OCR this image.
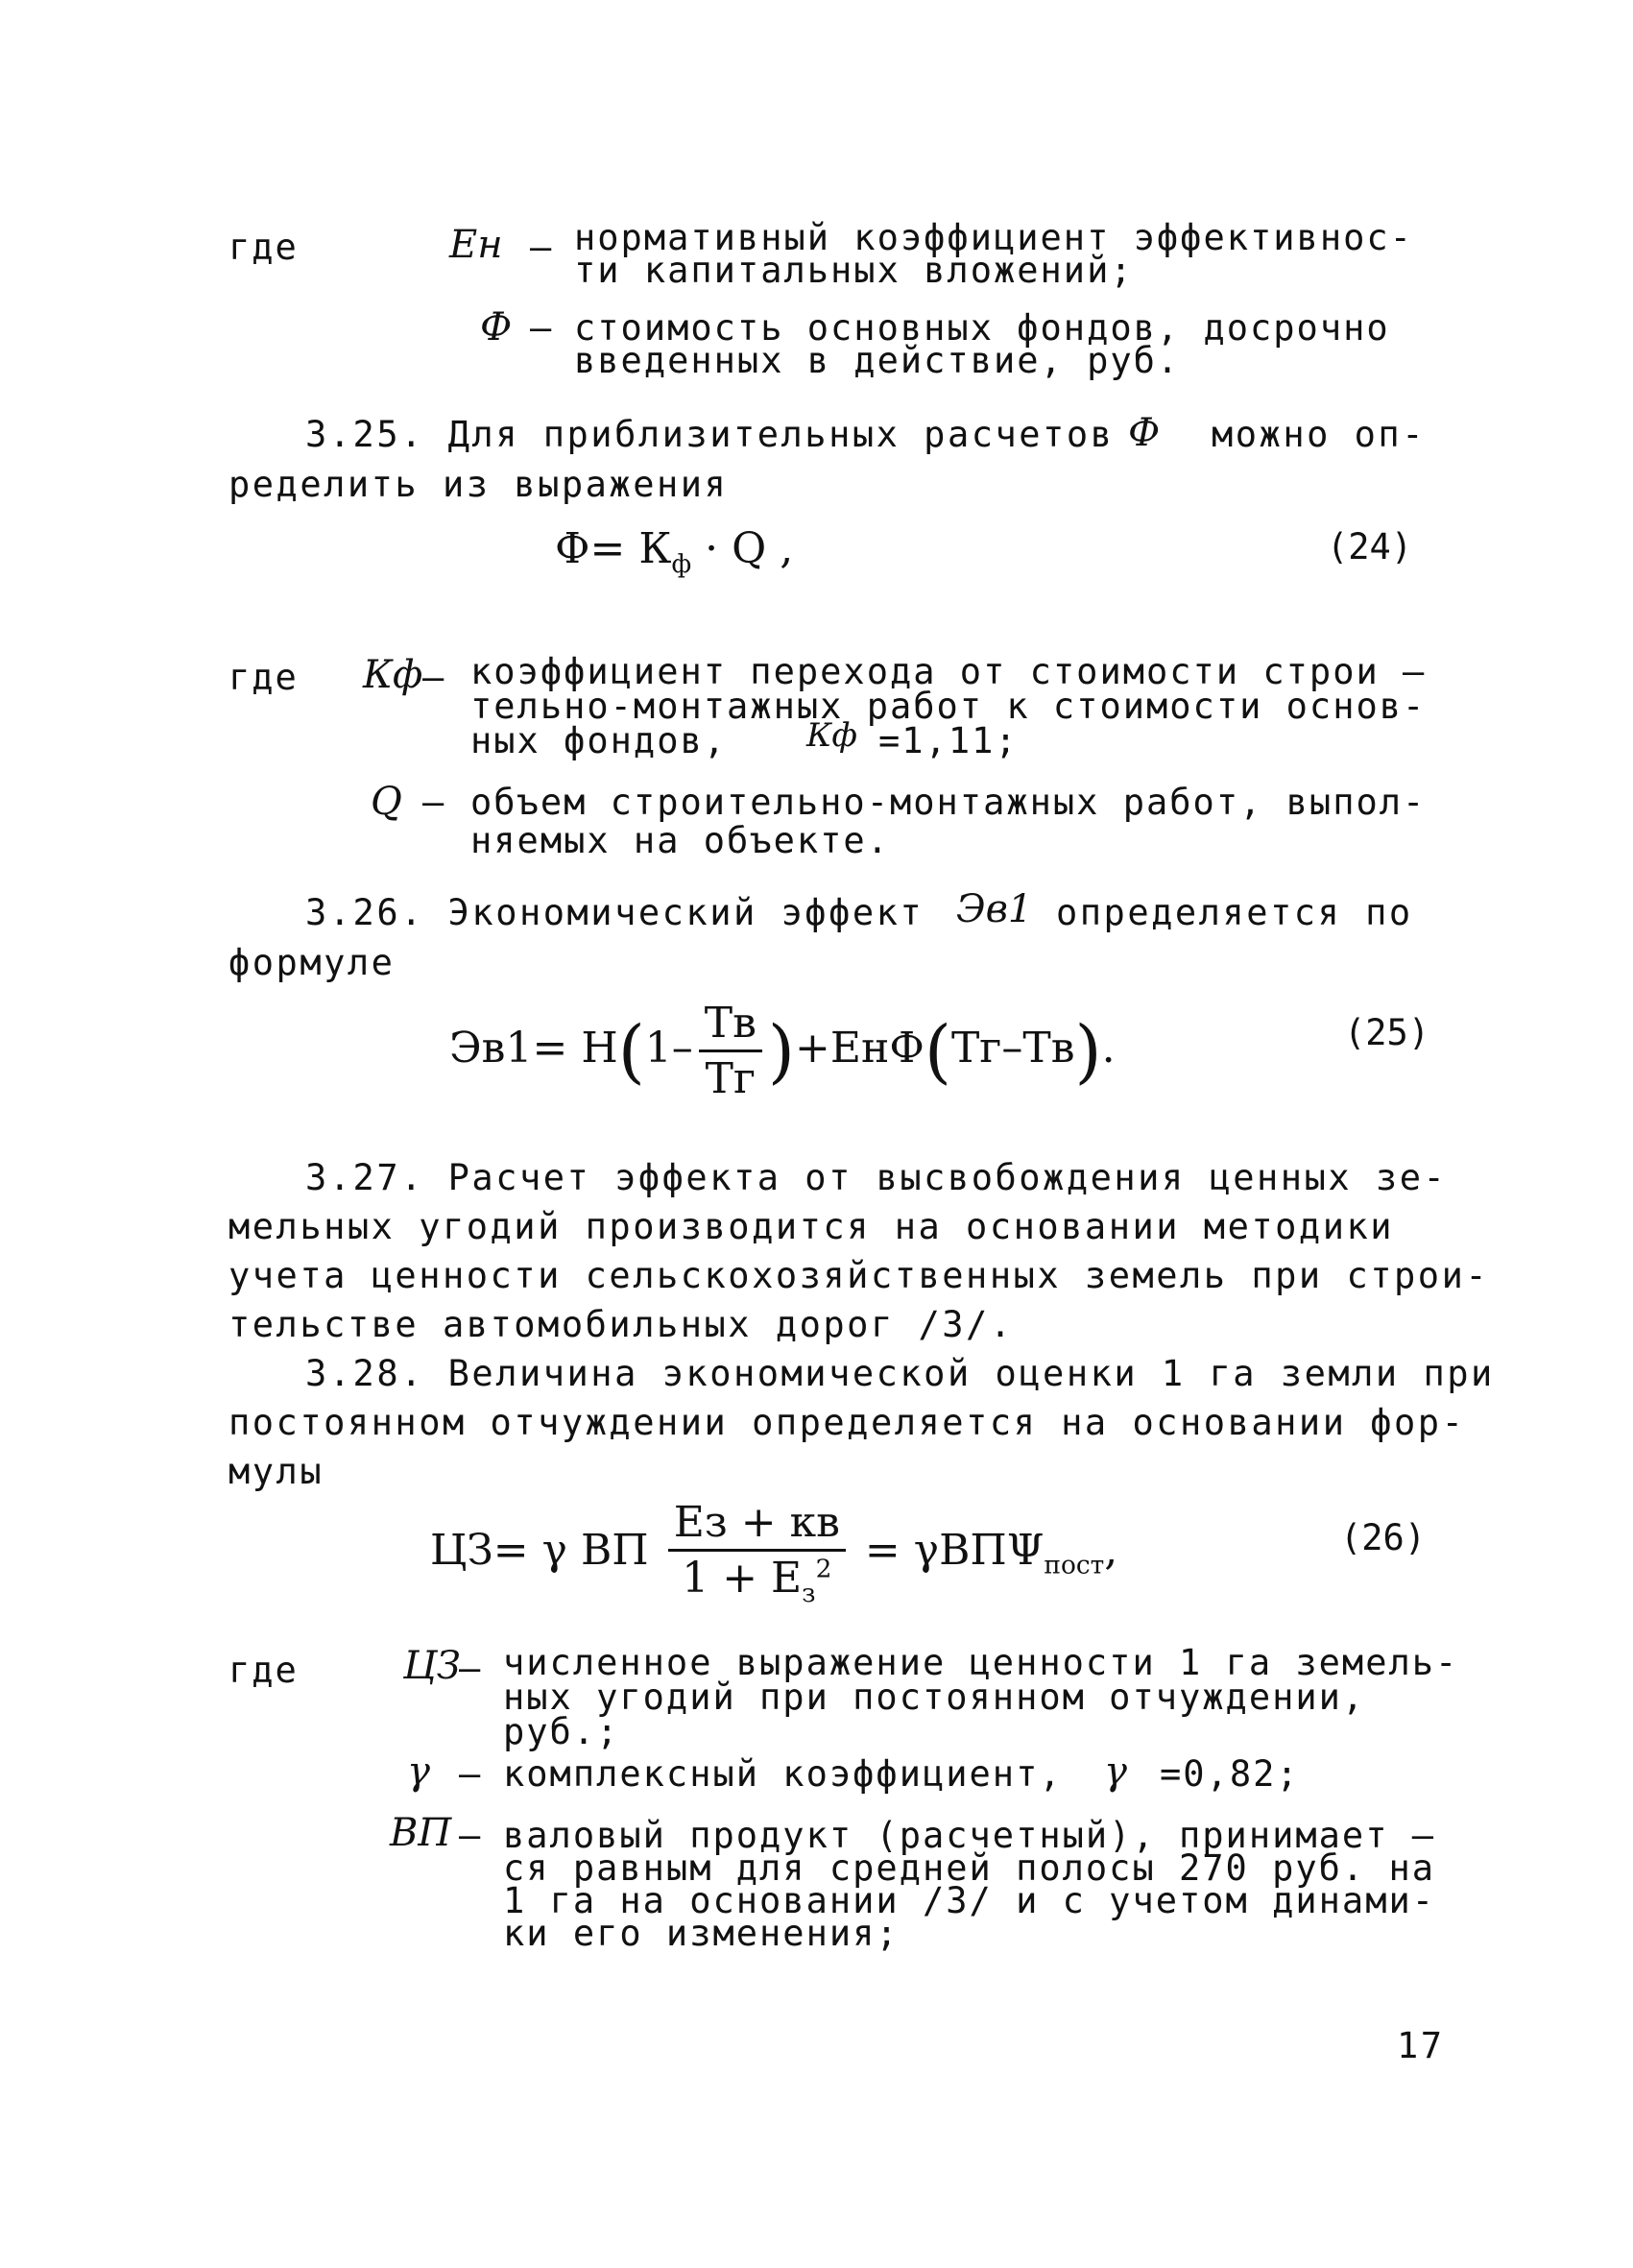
где	Ен – нормативный коэффициент эффективнос-
ти капитальных вложений;
Ф – стоимость основных фондов, досрочно
введенных в действие, руб.
3.25. Для приблизительных расчетов Ф можно оп-
ределить из выражения
$Ф= К_ф \cdot Q$ ,	(24)
где Кф – коэффициент перехода от стоимости строи –
тельно-монтажных работ к стоимости основ-
ных фондов, Кф =1,11;
Q – объем строительно-монтажных работ, выпол-
няемых на объекте.
3.26. Экономический эффект Эв1 определяется по
формуле
$Эв1= Н(1- \frac{Тв}{Тг} )+ЕнФ(Тг-Тв)$.	(25)
3.27. Расчет эффекта от высвобождения ценных зе-
мельных угодий производится на основании методики
учета ценности сельскохозяйственных земель при строи-
тельстве автомобильных дорог /3/.
3.28. Величина экономической оценки 1 га земли при
постоянном отчуждении определяется на основании фор-
мулы
ЦЗ= γ ВП $\frac{Ез + кв}{1 + Е_з^2} = \gamma ВП\Psi_{пост}$,	(26)
где	ЦЗ
– численное выражение ценности 1 га земель-
ных угодий при постоянном отчуждении,
руб.;
γ – комплексный коэффициент, γ =0,82;
ВП – валовый продукт (расчетный), принимает –
ся равным для средней полосы 270 руб. на
1 га на основании /3/ и с учетом динами-
ки его изменения;
17
